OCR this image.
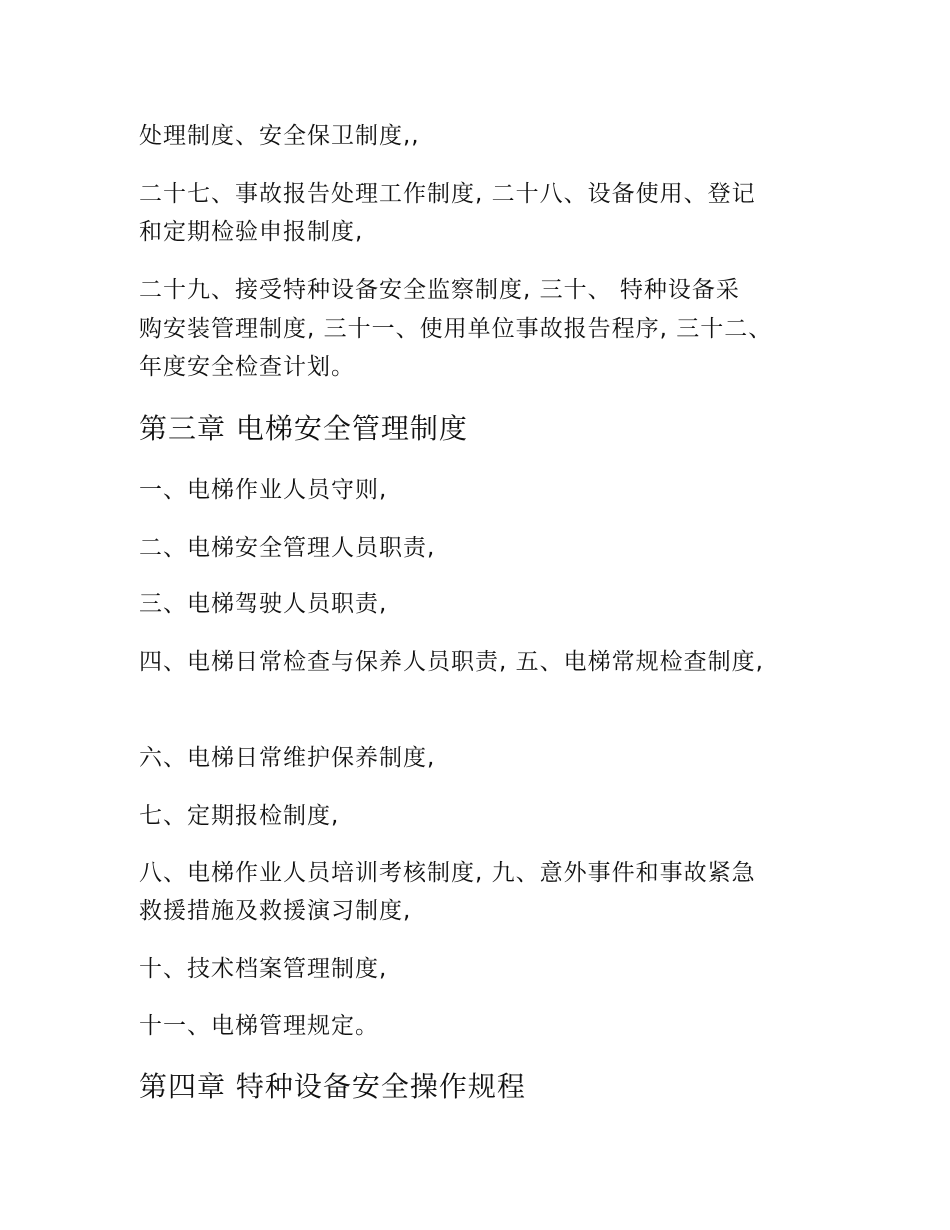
处理制度、安全保卫制度,,
二十七、事故报告处理工作制度, 二十八、设备使用、登记
和定期检验申报制度,
二十九、接受特种设备安全监察制度, 三十、 特种设备采
购安装管理制度, 三十一、使用单位事故报告程序, 三十二、
年度安全检查计划。
第三章 电梯安全管理制度
一、电梯作业人员守则,
二、电梯安全管理人员职责,
三、电梯驾驶人员职责,
四、电梯日常检查与保养人员职责, 五、电梯常规检查制度,
六、电梯日常维护保养制度,
七、定期报检制度,
八、电梯作业人员培训考核制度, 九、意外事件和事故紧急
救援措施及救援演习制度,
十、技术档案管理制度,
十一、电梯管理规定。
第四章 特种设备安全操作规程
